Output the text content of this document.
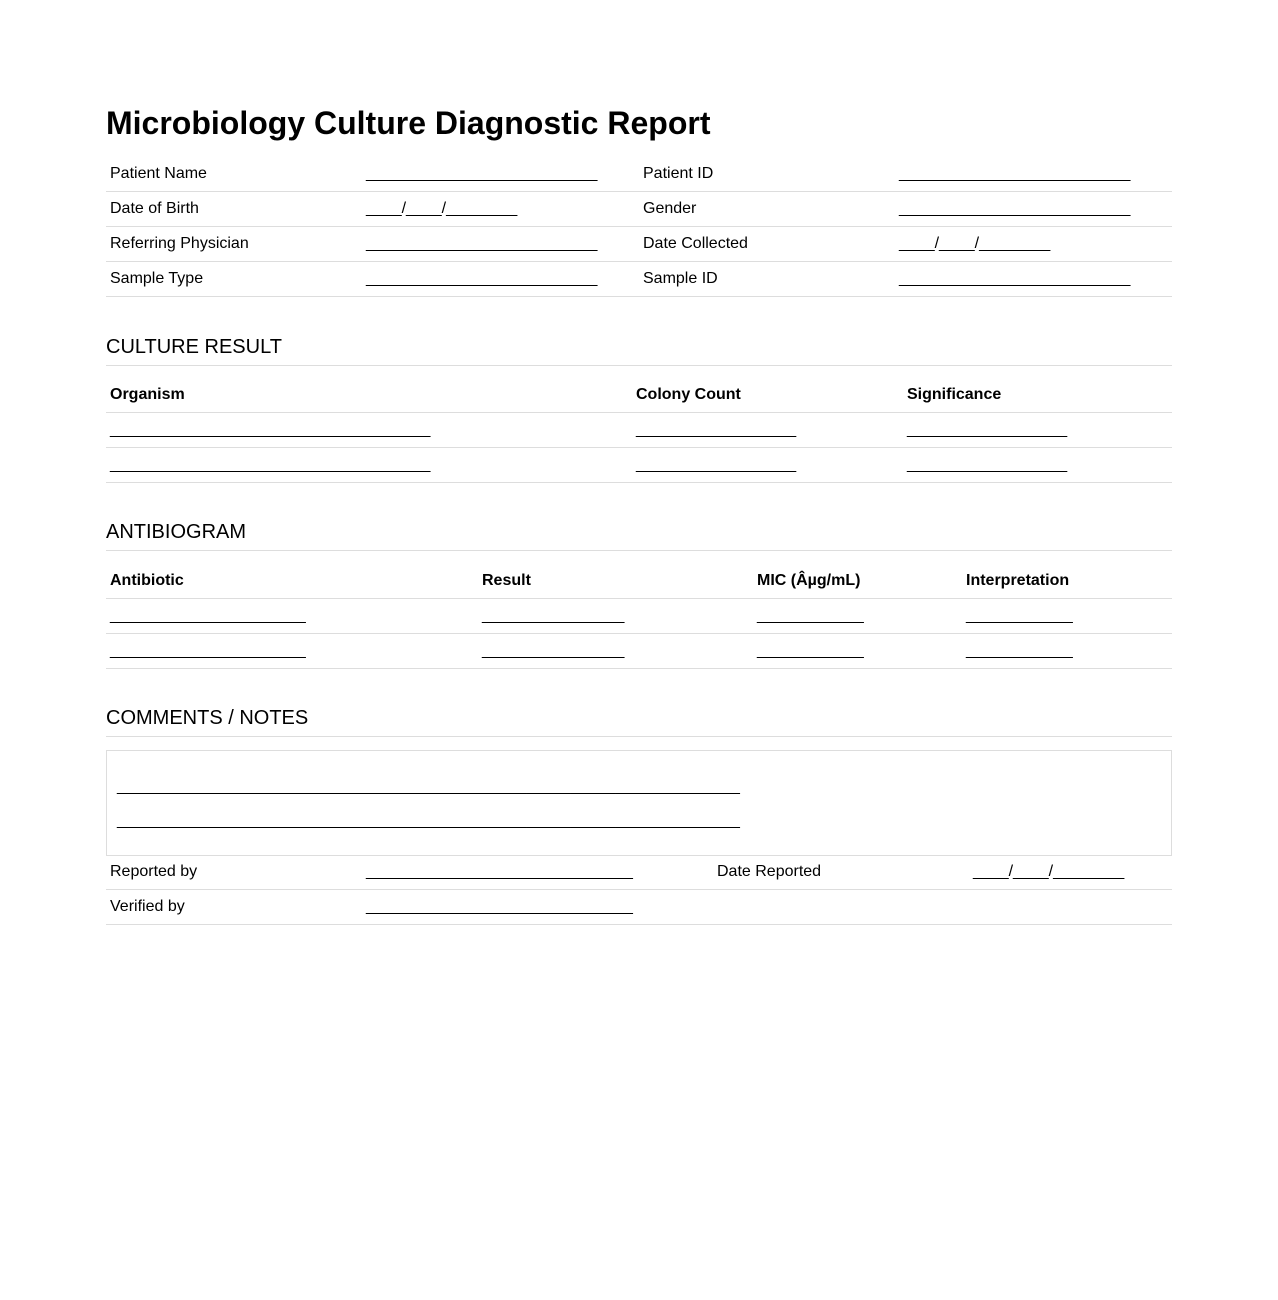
Microbiology Culture Diagnostic Report
Patient Name	__________________________	Patient ID	__________________________
Date of Birth	____/____/________	Gender	__________________________
Referring Physician	__________________________	Date Collected	____/____/________
Sample Type	__________________________	Sample ID	__________________________
CULTURE RESULT
Organism	Colony Count	Significance
____________________________________	__________________	__________________
____________________________________	__________________	__________________
ANTIBIOGRAM
Antibiotic	Result	MIC (Âµg/mL)	Interpretation
______________________	________________	____________	____________
______________________	________________	____________	____________
COMMENTS / NOTES
______________________________________________________________________
______________________________________________________________________
Reported by	______________________________	Date Reported	____/____/________
Verified by	______________________________		
